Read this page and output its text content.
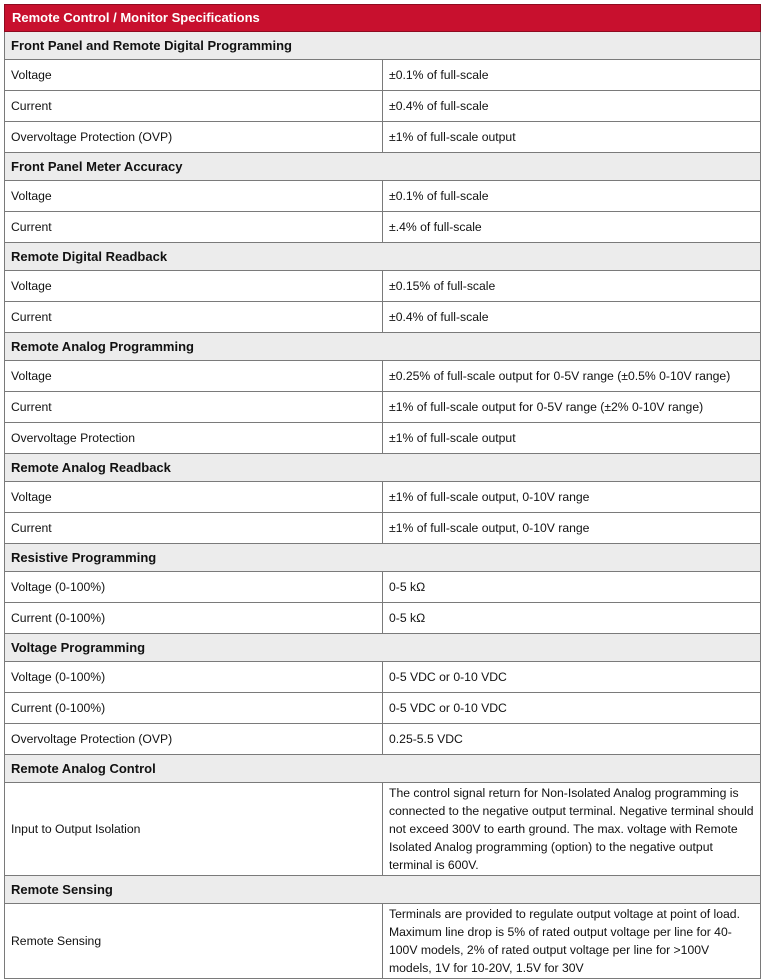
Remote Control / Monitor Specifications	
Front Panel and Remote Digital Programming	
Voltage	±0.1% of full-scale
Current	±0.4% of full-scale
Overvoltage Protection (OVP)	±1% of full-scale output
Front Panel Meter Accuracy	
Voltage	±0.1% of full-scale
Current	±.4% of full-scale
Remote Digital Readback	
Voltage	±0.15% of full-scale
Current	±0.4% of full-scale
Remote Analog Programming	
Voltage	±0.25% of full-scale output for 0-5V range (±0.5% 0-10V range)
Current	±1% of full-scale output for 0-5V range (±2% 0-10V range)
Overvoltage Protection	±1% of full-scale output
Remote Analog Readback	
Voltage	±1% of full-scale output, 0-10V range
Current	±1% of full-scale output, 0-10V range
Resistive Programming	
Voltage (0-100%)	0-5 kΩ
Current (0-100%)	0-5 kΩ
Voltage Programming	
Voltage (0-100%)	0-5 VDC or 0-10 VDC
Current (0-100%)	0-5 VDC or 0-10 VDC
Overvoltage Protection (OVP)	0.25-5.5 VDC
Remote Analog Control	
Input to Output Isolation	The control signal return for Non-Isolated Analog programming is connected to the negative output terminal. Negative terminal should not exceed 300V to earth ground. The max. voltage with Remote Isolated Analog programming (option) to the negative output terminal is 600V.
Remote Sensing	
Remote Sensing	Terminals are provided to regulate output voltage at point of load. Maximum line drop is 5% of rated output voltage per line for 40-100V models, 2% of rated output voltage per line for >100V models, 1V for 10-20V, 1.5V for 30V
